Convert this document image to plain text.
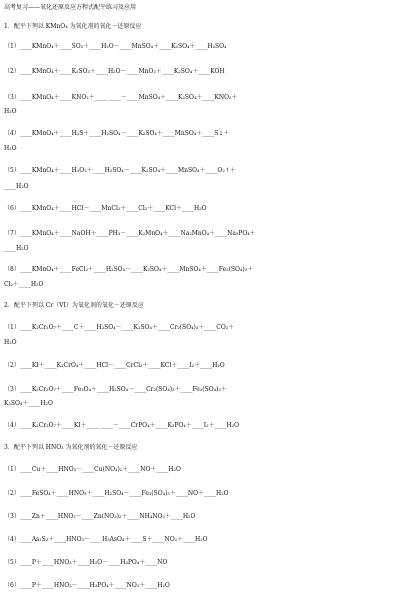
高考复习——氧化还原反应方程式配平练习及应用
1．配平下列以 KMnO₄ 为氧化剂的氧化－还原反应
（1）____KMnO₄＋____SO₂＋____H₂O－____MnSO₄＋____K₂SO₄＋____H₂SO₄
（2）____KMnO₄＋____K₂SO₃＋____H₂O－____MnO₂＋____K₂SO₄＋____KOH
（3）____KMnO₄＋____KNO₂＋____ ____－____MnSO₄＋____K₂SO₄＋____KNO₃＋
H₂O
（4）____KMnO₄＋____H₂S＋____H₂SO₄－____K₂SO₄＋____MnSO₄＋____S↓＋
H₂O
（5）____KMnO₄＋____H₂O₂＋____H₂SO₄－____K₂SO₄＋____MnSO₄＋____O₂↑＋
____H₂O
（6）____KMnO₄＋____HCl－____MnCl₂＋____Cl₂＋____KCl＋____H₂O
（7）____KMnO₄＋____NaOH＋____PH₃－____K₂MnO₄＋____Na₂MnO₄＋____Na₃PO₄＋
____H₂O
（8）____KMnO₄＋____FeCl₂＋____H₂SO₄－____K₂SO₄＋____MnSO₄＋____Fe₂(SO₄)₃＋
Cl₂＋____H₂O
2．配平下列以 Cr（VI）为氧化剂的氧化－还原反应
（1）____K₂Cr₂O₇＋____C＋____H₂SO₄－____K₂SO₄＋____Cr₂(SO₄)₃＋____CO₂＋
H₂O
（2）____KI＋____K₂CrO₄＋____HCl－____CrCl₃＋____KCl＋____I₂＋____H₂O
（3）____K₂Cr₂O₇＋____Fe₃O₄＋____H₂SO₄－____Cr₂(SO₄)₃＋____Fe₂(SO₄)₃＋
K₂SO₄＋____H₂O
（4）____K₂Cr₂O₇＋____KI＋____ ____－____CrPO₄＋____K₃PO₄＋____I₂＋____H₂O
3．配平下列以 HNO₃ 为氧化剂的氧化－还原反应
（1）____Cu＋____HNO₃－____Cu(NO₃)₂＋____NO＋____H₂O
（2）____FeSO₄＋____HNO₃＋____H₂SO₄－____Fe₂(SO₄)₃＋____NO＋____H₂O
（3）____Zn＋____HNO₃－____Zn(NO₃)₂＋____NH₄NO₃＋____H₂O
（4）____As₂S₃＋____HNO₃－____H₃AsO₄＋____S＋____NO₂＋____H₂O
（5）____P＋____HNO₃＋____H₂O－____H₃PO₄＋____NO
（6）____P＋____HNO₃－____H₃PO₄＋____NO₂＋____H₂O
